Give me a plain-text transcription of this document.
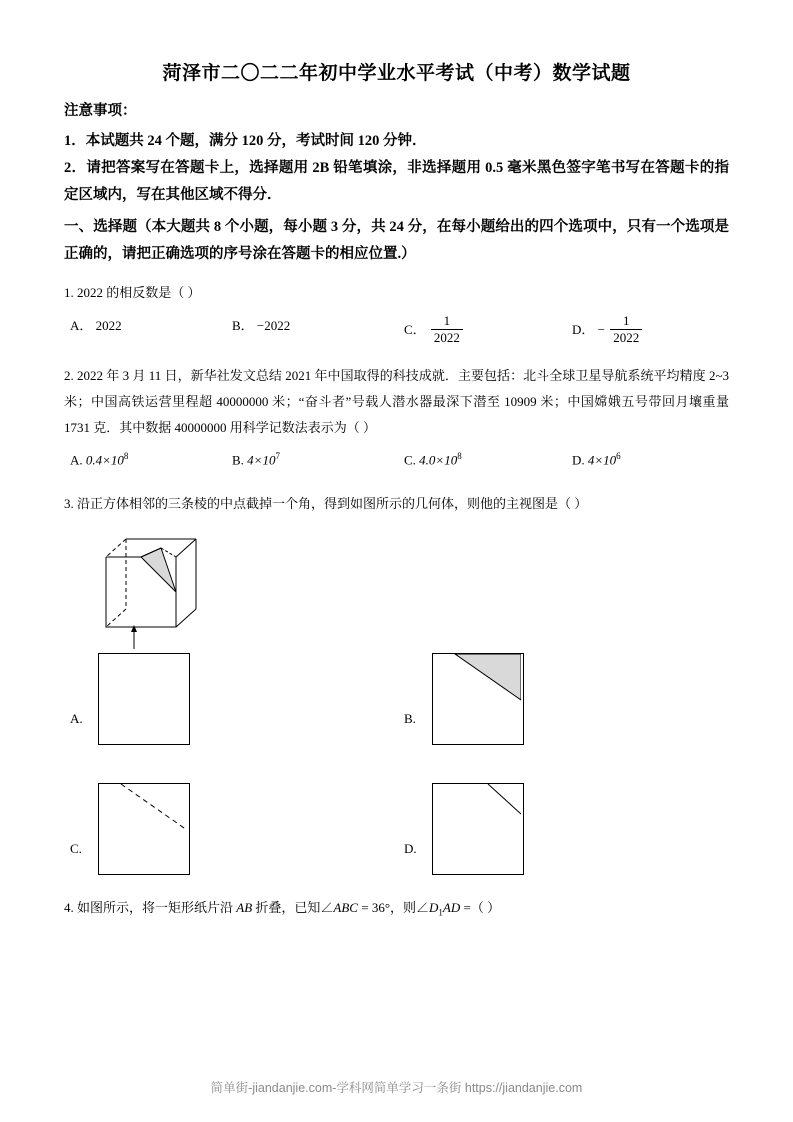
菏泽市二〇二二年初中学业水平考试（中考）数学试题
注意事项：
1．本试题共 24 个题，满分 120 分，考试时间 120 分钟．
2．请把答案写在答题卡上，选择题用 2B 铅笔填涂，非选择题用 0.5 毫米黑色签字笔书写在答题卡的指定区域内，写在其他区域不得分．
一、选择题（本大题共 8 个小题，每小题 3 分，共 24 分，在每小题给出的四个选项中，只有一个选项是正确的，请把正确选项的序号涂在答题卡的相应位置.）
1. 2022 的相反数是（ ）
A． 2022	B． −2022	C． $\frac{1}{2022}$	D． − $\frac{1}{2022}$
2. 2022 年 3 月 11 日，新华社发文总结 2021 年中国取得的科技成就．主要包括：北斗全球卫星导航系统平均精度 2~3 米；中国高铁运营里程超 40000000 米；“奋斗者”号载人潜水器最深下潜至 10909 米；中国嫦娥五号带回月壤重量 1731 克．其中数据 40000000 用科学记数法表示为（ ）
A. $0.4\times 10^8$	B. $4\times 10^7$	C. $4.0\times 10^8$	D. $4\times 10^6$
3. 沿正方体相邻的三条棱的中点截掉一个角，得到如图所示的几何体，则他的主视图是（ ）
A.	B.
C.	D.
4. 如图所示，将一矩形纸片沿 AB 折叠，已知∠ABC = 36°，则$\angle D_1AD$ =（ ）
简单街-jiandanjie.com-学科网简单学习一条街 https://jiandanjie.com
